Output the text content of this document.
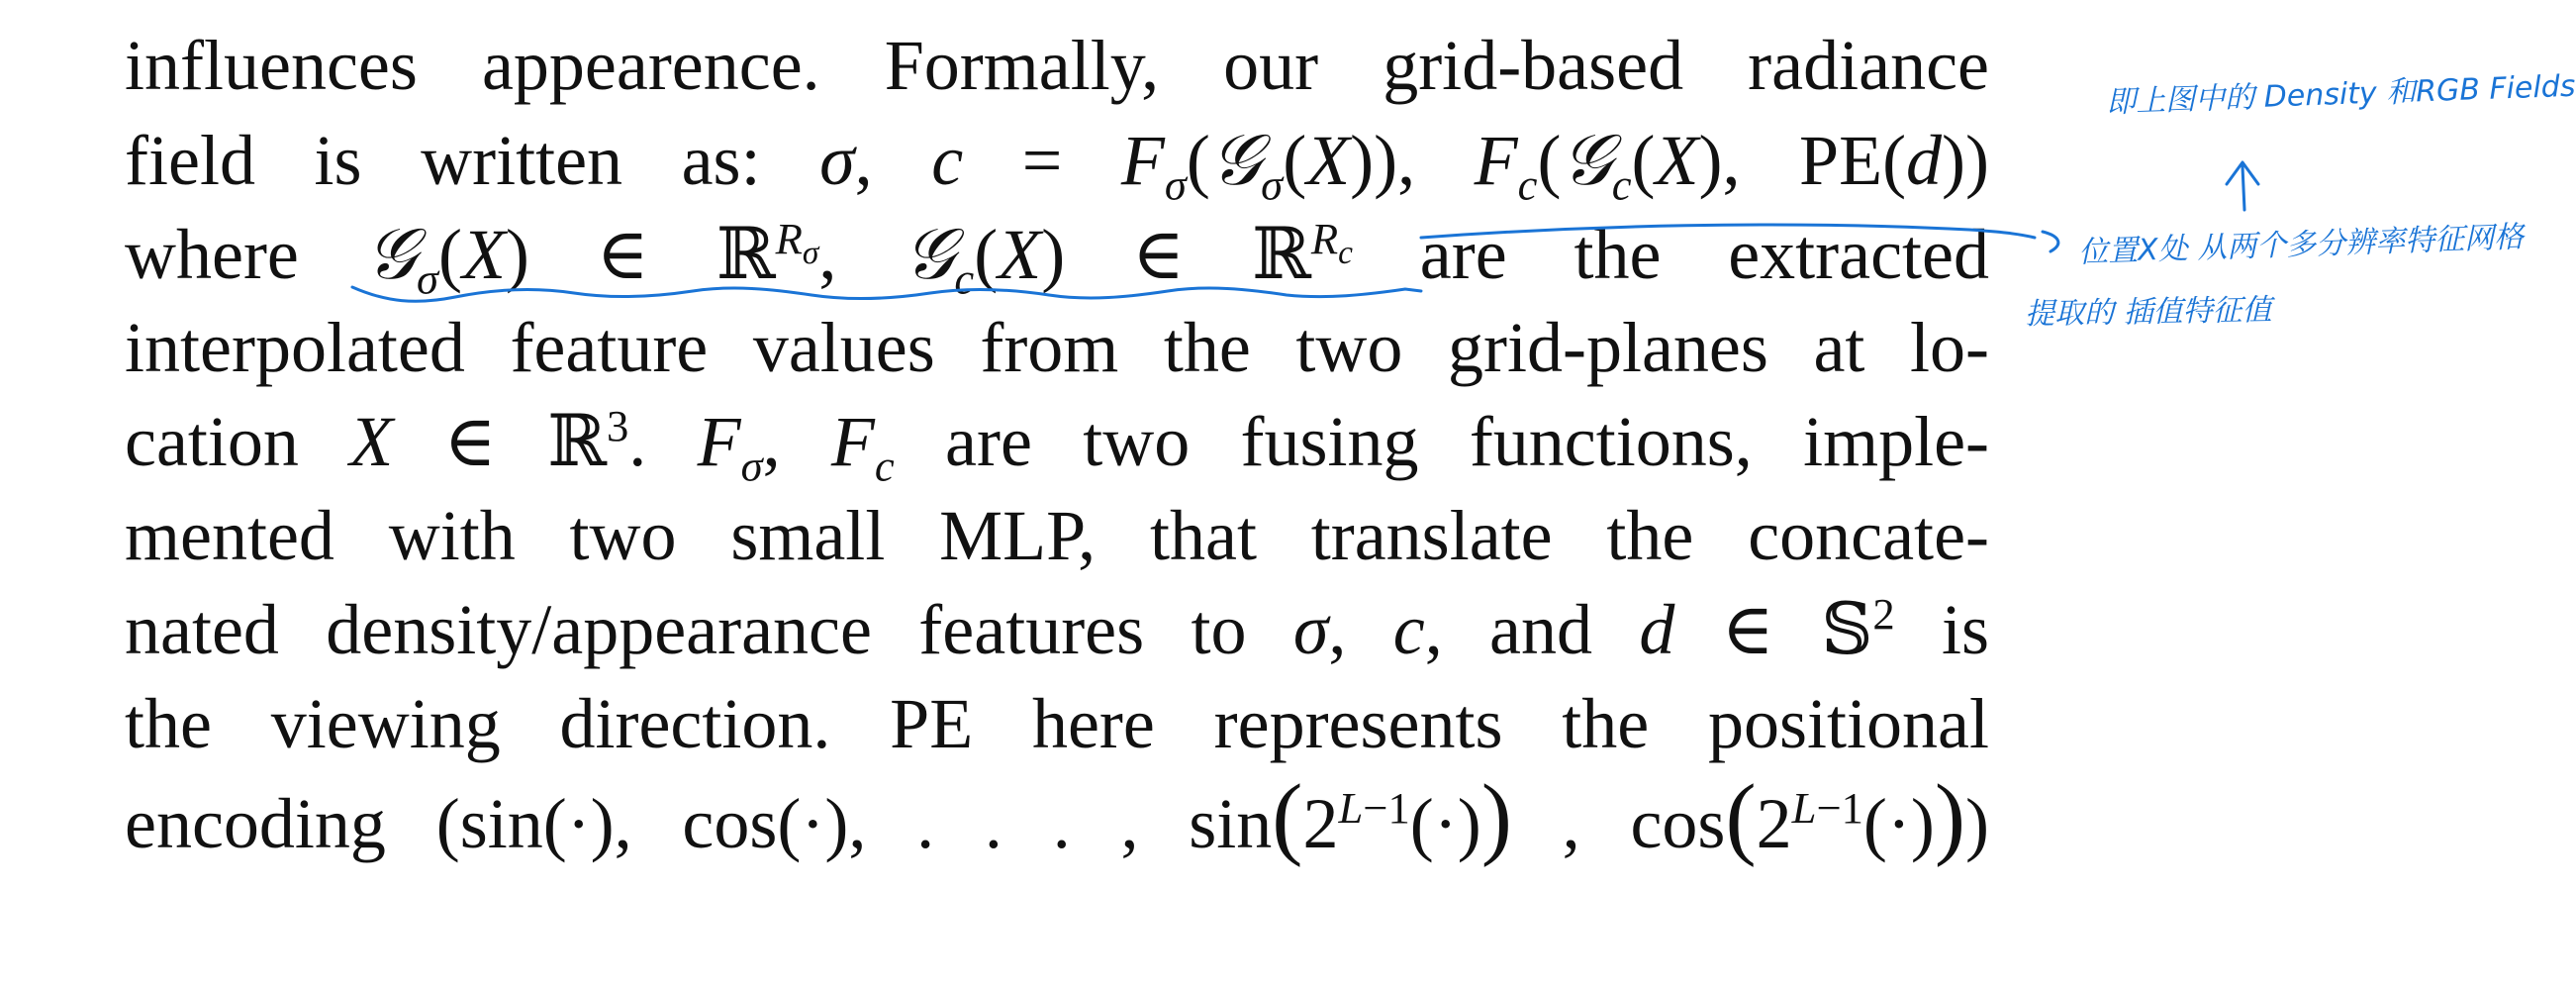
influences appearence. Formally, our grid-based radiance
field is written as: σ, $c = F_\sigma(𝒢_\sigma(X))$, $F_c(𝒢_c(X)$, PE(d))
where 𝒢$_\sigma$(X) ∈ ℝ$^{R_\sigma}$, 𝒢$_c$(X) ∈ ℝ$^{R_c}$ are the extracted
interpolated feature values from the two grid-planes at lo-
cation X ∈ ℝ$^3$. $F_\sigma$, $F_c$ are two fusing functions, imple-
mented with two small MLP, that translate the concate-
nated density/appearance features to σ, c, and d ∈ 𝕊$^2$ is
the viewing direction. PE here represents the positional
encoding (sin(·), cos(·), . . . , $\sin(2^{L-1}(\cdot))$ , $\cos(2^{L-1}(\cdot))$)
即上图中的 Density 和RGB Fields
位置X处 从两个多分辨率特征网格
提取的 插值特征值
